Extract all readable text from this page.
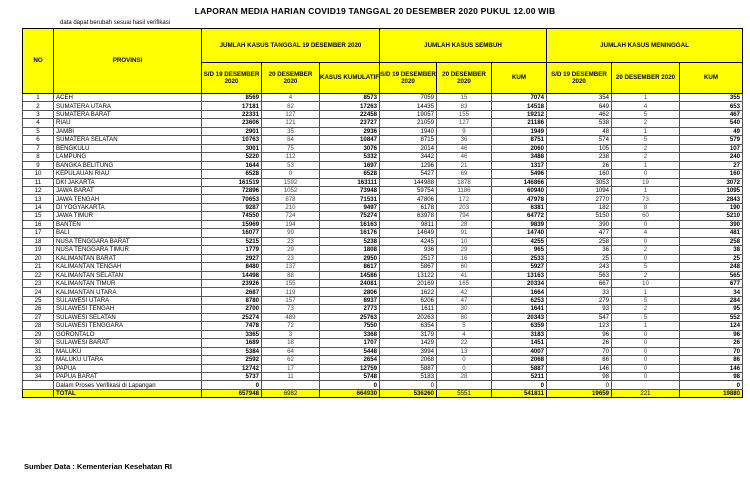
LAPORAN MEDIA HARIAN COVID19 TANGGAL 20 DESEMBER 2020 PUKUL 12.00 WIB
data dapat berubah sesuai hasil verifikasi
NO	PROVINSI	JUMLAH KASUS TANGGAL 19 DESEMBER 2020			JUMLAH KASUS SEMBUH			JUMLAH KASUS MENINGGAL		
		S/D 19 DESEMBER 2020	20 DESEMBER 2020	KASUS KUMULATIF	S/D 19 DESEMBER 2020	20 DESEMBER 2020	KUM	S/D 19 DESEMBER 2020	20 DESEMBER 2020	KUM
1	ACEH	8569	4	8573	7059	15	7074	354	1	355
2	SUMATERA UTARA	17181	82	17263	14435	83	14518	649	4	653
3	SUMATERA BARAT	22331	127	22458	19057	155	19212	462	5	467
4	RIAU	23606	121	23727	21059	127	21186	538	2	540
5	JAMBI	2901	35	2936	1940	9	1949	48	1	49
6	SUMATERA SELATAN	10763	84	10847	8715	36	8751	574	5	579
7	BENGKULU	3001	75	3076	2014	46	2060	105	2	107
8	LAMPUNG	5220	112	5332	3442	46	3488	238	2	240
9	BANGKA BELITUNG	1644	53	1697	1296	21	1317	26	1	27
10	KEPULAUAN RIAU	6528	0	6528	5427	69	5496	160	0	160
11	DKI JAKARTA	161519	1592	163111	144988	1878	146866	3053	19	3072
12	JAWA BARAT	72896	1052	73948	59754	1186	60940	1094	1	1095
13	JAWA TENGAH	70653	878	71531	47806	172	47978	2770	73	2843
14	DI YOGYAKARTA	9287	210	9497	6178	203	6381	182	8	190
15	JAWA TIMUR	74550	724	75274	63978	794	64772	5150	60	5210
16	BANTEN	15969	194	16163	9811	28	9839	390	0	390
17	BALI	16077	99	16176	14649	91	14740	477	4	481
18	NUSA TENGGARA BARAT	5215	23	5238	4245	10	4255	258	0	258
19	NUSA TENGGARA TIMUR	1779	29	1808	936	29	965	36	2	38
20	KALIMANTAN BARAT	2927	23	2950	2517	16	2533	25	0	25
21	KALIMANTAN TENGAH	8480	137	8617	5867	60	5927	243	5	248
22	KALIMANTAN SELATAN	14498	88	14586	13122	41	13163	563	2	565
23	KALIMANTAN TIMUR	23926	155	24081	20169	165	20334	667	10	677
24	KALIMANTAN UTARA	2687	119	2806	1622	42	1664	33	1	34
25	SULAWESI UTARA	8780	157	8937	6206	47	6253	279	5	284
26	SULAWESI TENGAH	2700	73	2773	1611	30	1641	93	2	95
27	SULAWESI SELATAN	25274	489	25763	20263	80	20343	547	5	552
28	SULAWESI TENGGARA	7478	72	7550	6354	5	6359	123	1	124
29	GORONTALO	3365	3	3368	3179	4	3183	96	0	96
30	SULAWESI BARAT	1689	18	1707	1429	22	1451	26	0	26
31	MALUKU	5384	64	5448	3994	13	4007	70	0	70
32	MALUKU UTARA	2592	62	2654	2068	0	2068	86	0	86
33	PAPUA	12742	17	12759	5887	0	5887	146	0	146
34	PAPUA BARAT	5737	11	5748	5183	28	5211	98	0	98
	Dalam Proses Verifikasi di Lapangan	0		0	0		0	0		0
	TOTAL	657948	6982	664930	536260	5551	541811	19659	221	19880
Sumber Data : Kementerian Kesehatan RI
